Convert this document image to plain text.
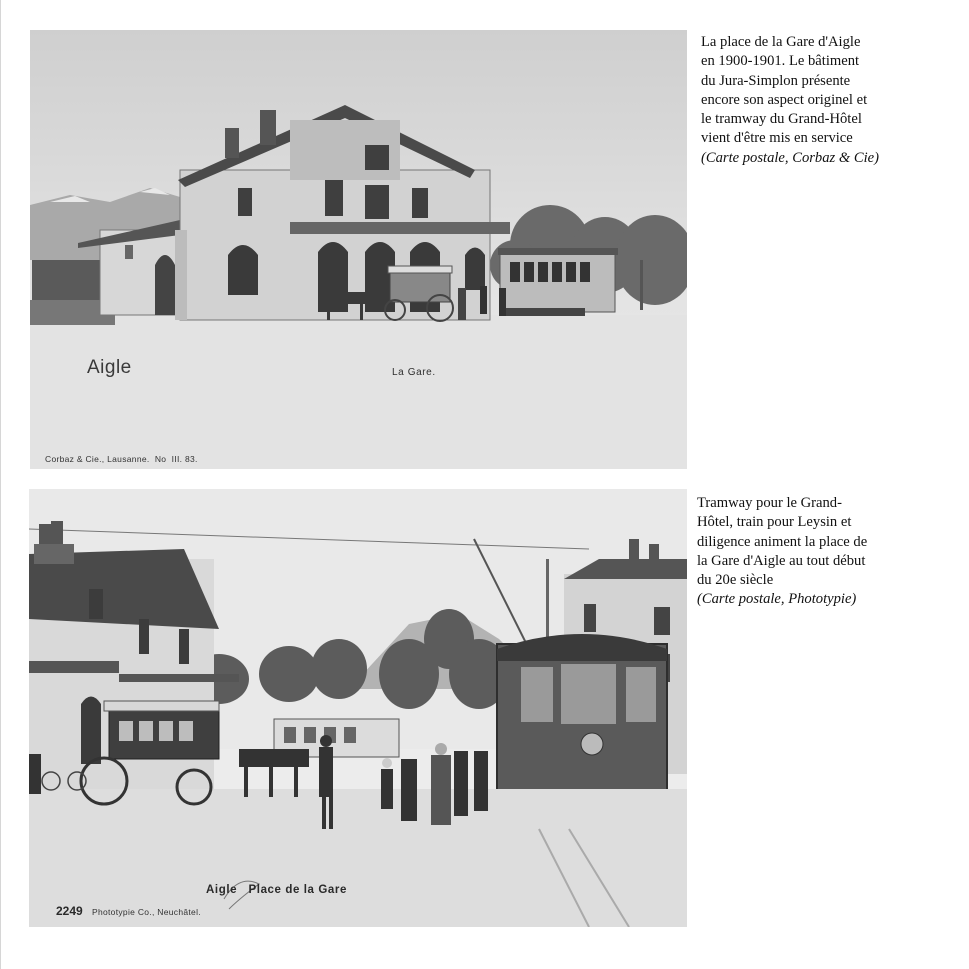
Aigle	La Gare.
Corbaz & Cie., Lausanne.  No  III. 83.
La place de la Gare d'Aigle
en 1900-1901. Le bâtiment
du Jura-Simplon présente
encore son aspect originel et
le tramway du Grand-Hôtel
vient d'être mis en service
(Carte postale, Corbaz & Cie)
2249 Phototypie Co., Neuchâtel.
Aigle   Place de la Gare
Tramway pour le Grand-
Hôtel, train pour Leysin et
diligence animent la place de
la Gare d'Aigle au tout début
du 20e siècle
(Carte postale, Phototypie)
